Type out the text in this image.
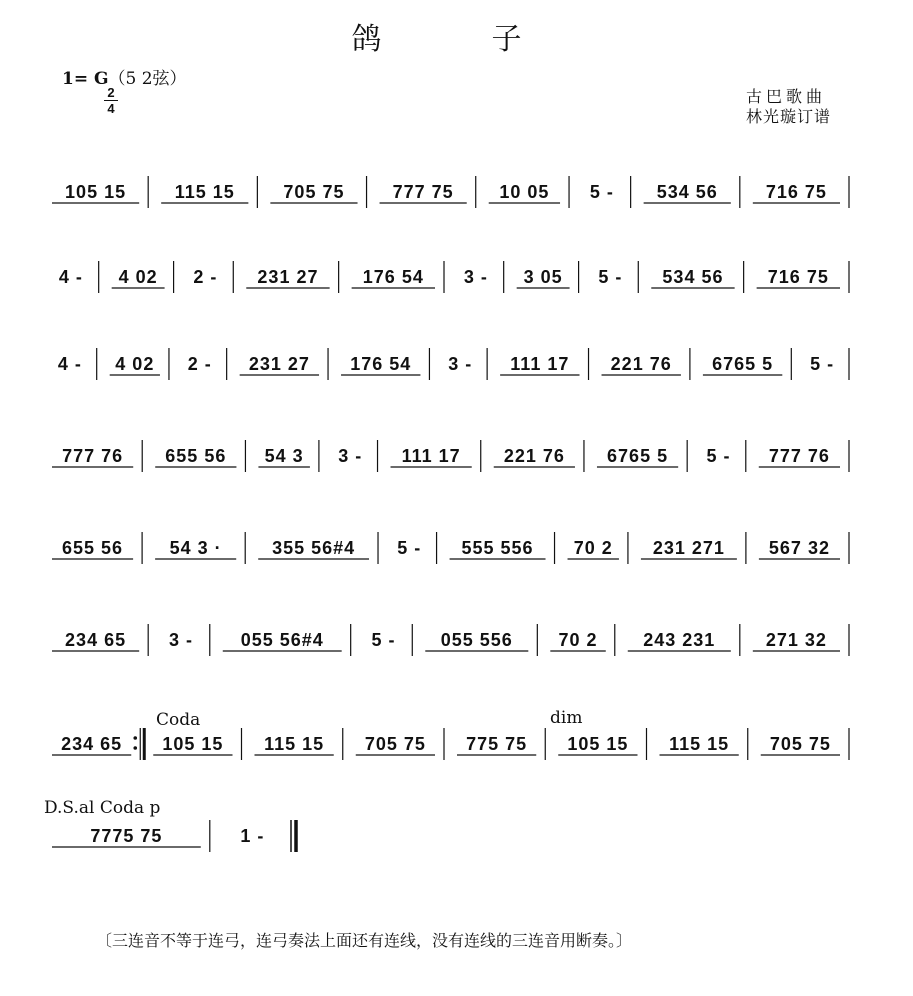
鸽　子
1= G（5 2弦）
2
4
古巴歌曲
林光璇订谱
Coda	dim
D.S.al Coda p
105 15	115 15	705 75	777 75	10 05 5 - 534 56	716 75
4 - 4 02 2 - 231 27 176 54 3 - 3 05 5 - 534 56 716 75
4 - 4 02 2 - 231 27 176 54 3 - 111 17 221 76 6765 5 5 -
777 76 655 56 54 3 3 - 111 17 221 76 6765 5 5 - 777 76
655 56	54 3 ·	355 56#4 5 - 555 556 70 2 231 271 567 32
234 65 3 -	055 56#4	5 -	055 556	70 2	243 231	271 32
234 65 105 15 115 15 705 75 775 75 105 15 115 15 705 75
7775 75	1 -
〔三连音不等于连弓，连弓奏法上面还有连线，没有连线的三连音用断奏。〕
